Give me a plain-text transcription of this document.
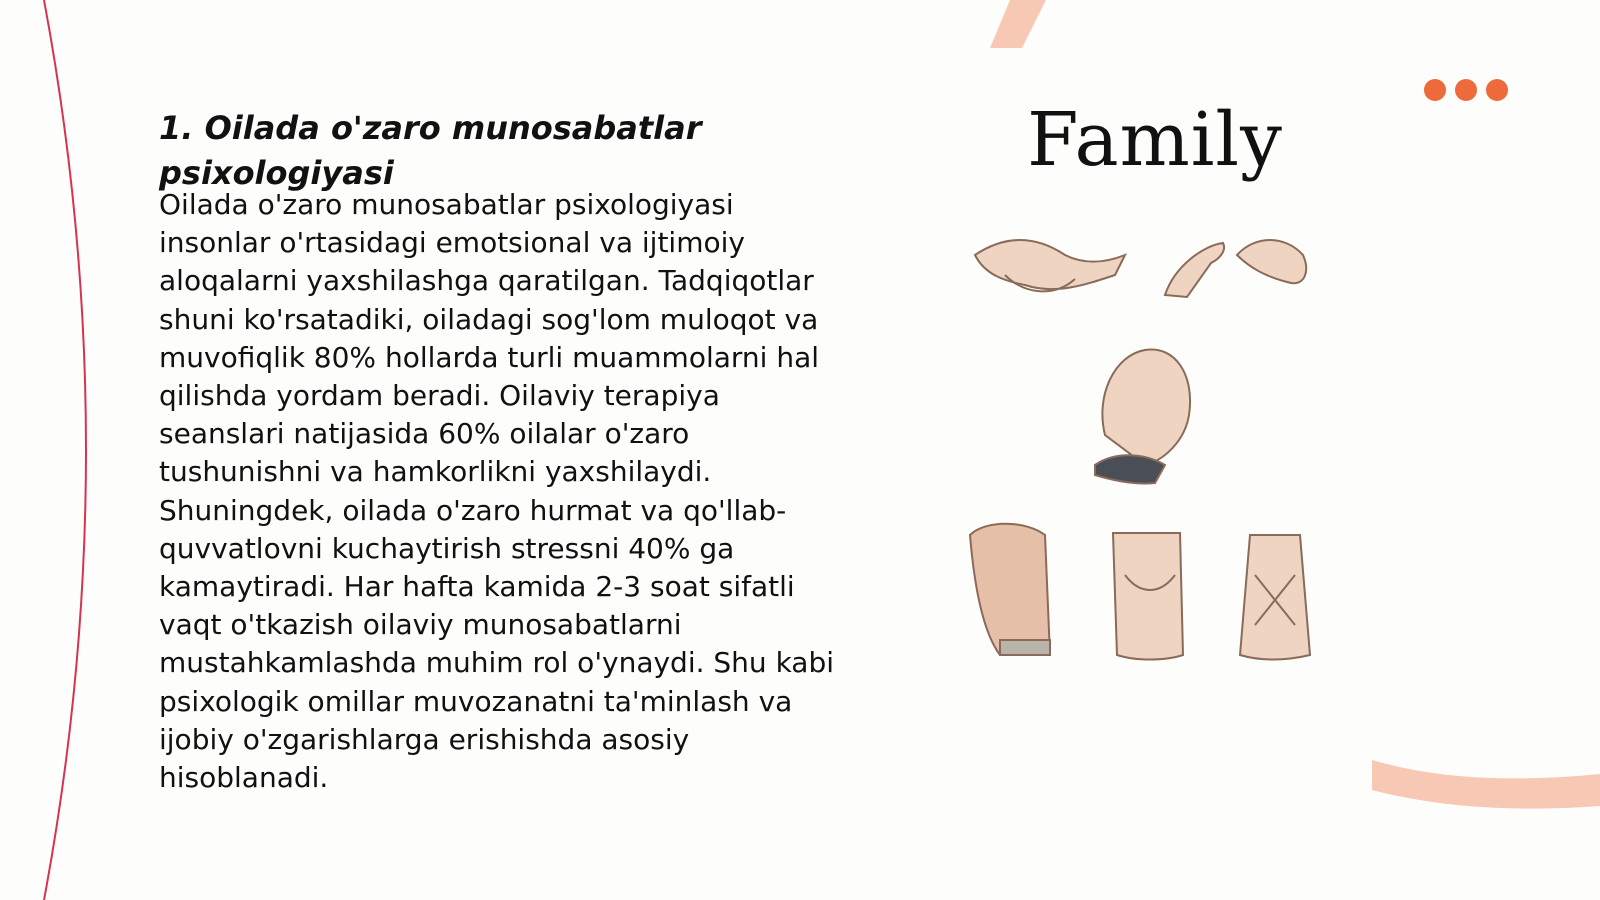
1. Oilada o'zaro munosabatlar psixologiyasi

Oilada o'zaro munosabatlar psixologiyasi insonlar o'rtasidagi emotsional va ijtimoiy aloqalarni yaxshilashga qaratilgan. Tadqiqotlar shuni ko'rsatadiki, oiladagi sog'lom muloqot va muvofiqlik 80% hollarda turli muammolarni hal qilishda yordam beradi. Oilaviy terapiya seanslari natijasida 60% oilalar o'zaro tushunishni va hamkorlikni yaxshilaydi. Shuningdek, oilada o'zaro hurmat va qo'llab-quvvatlovni kuchaytirish stressni 40% ga kamaytiradi. Har hafta kamida 2-3 soat sifatli vaqt o'tkazish oilaviy munosabatlarni mustahkamlashda muhim rol o'ynaydi. Shu kabi psixologik omillar muvozanatni ta'minlash va ijobiy o'zgarishlarga erishishda asosiy hisoblanadi.

Family
